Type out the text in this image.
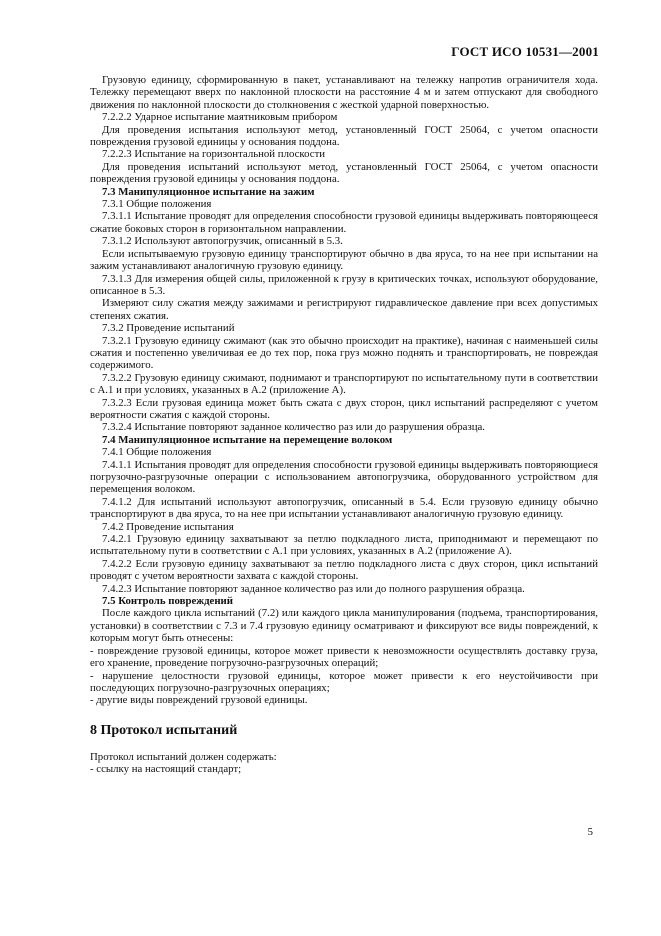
ГОСТ ИСО 10531—2001

Грузовую единицу, сформированную в пакет, устанавливают на тележку напротив ограничителя хода. Тележку перемещают вверх по наклонной плоскости на расстояние 4 м и затем отпускают для свободного движения по наклонной плоскости до столкновения с жесткой ударной поверхностью.

7.2.2.2 Ударное испытание маятниковым прибором

Для проведения испытания используют метод, установленный ГОСТ 25064, с учетом опасности повреждения грузовой единицы у основания поддона.

7.2.2.3 Испытание на горизонтальной плоскости

Для проведения испытаний используют метод, установленный ГОСТ 25064, с учетом опасности повреждения грузовой единицы у основания поддона.

7.3 Манипуляционное испытание на зажим

7.3.1 Общие положения

7.3.1.1 Испытание проводят для определения способности грузовой единицы выдерживать повторяющееся сжатие боковых сторон в горизонтальном направлении.

7.3.1.2 Используют автопогрузчик, описанный в 5.3.

Если испытываемую грузовую единицу транспортируют обычно в два яруса, то на нее при испытании на зажим устанавливают аналогичную грузовую единицу.

7.3.1.3 Для измерения общей силы, приложенной к грузу в критических точках, используют оборудование, описанное в 5.3.

Измеряют силу сжатия между зажимами и регистрируют гидравлическое давление при всех допустимых степенях сжатия.

7.3.2 Проведение испытаний

7.3.2.1 Грузовую единицу сжимают (как это обычно происходит на практике), начиная с наименьшей силы сжатия и постепенно увеличивая ее до тех пор, пока груз можно поднять и транспортировать, не повреждая содержимого.

7.3.2.2 Грузовую единицу сжимают, поднимают и транспортируют по испытательному пути в соответствии с А.1 и при условиях, указанных в А.2 (приложение А).

7.3.2.3 Если грузовая единица может быть сжата с двух сторон, цикл испытаний распределяют с учетом вероятности сжатия с каждой стороны.

7.3.2.4 Испытание повторяют заданное количество раз или до разрушения образца.

7.4 Манипуляционное испытание на перемещение волоком

7.4.1 Общие положения

7.4.1.1 Испытания проводят для определения способности грузовой единицы выдерживать повторяющиеся погрузочно-разгрузочные операции с использованием автопогрузчика, оборудованного устройством для перемещения волоком.

7.4.1.2 Для испытаний используют автопогрузчик, описанный в 5.4. Если грузовую единицу обычно транспортируют в два яруса, то на нее при испытании устанавливают аналогичную грузовую единицу.

7.4.2 Проведение испытания

7.4.2.1 Грузовую единицу захватывают за петлю подкладного листа, приподнимают и перемещают по испытательному пути в соответствии с А.1 при условиях, указанных в А.2 (приложение А).

7.4.2.2 Если грузовую единицу захватывают за петлю подкладного листа с двух сторон, цикл испытаний проводят с учетом вероятности захвата с каждой стороны.

7.4.2.3 Испытание повторяют заданное количество раз или до полного разрушения образца.

7.5 Контроль повреждений

После каждого цикла испытаний (7.2) или каждого цикла манипулирования (подъема, транспортирования, установки) в соответствии с 7.3 и 7.4 грузовую единицу осматривают и фиксируют все виды повреждений, к которым могут быть отнесены:

- повреждение грузовой единицы, которое может привести к невозможности осуществлять доставку груза, его хранение, проведение погрузочно-разгрузочных операций;

- нарушение целостности грузовой единицы, которое может привести к его неустойчивости при последующих погрузочно-разгрузочных операциях;

- другие виды повреждений грузовой единицы.

8 Протокол испытаний

Протокол испытаний должен содержать:

- ссылку на настоящий стандарт;

5
